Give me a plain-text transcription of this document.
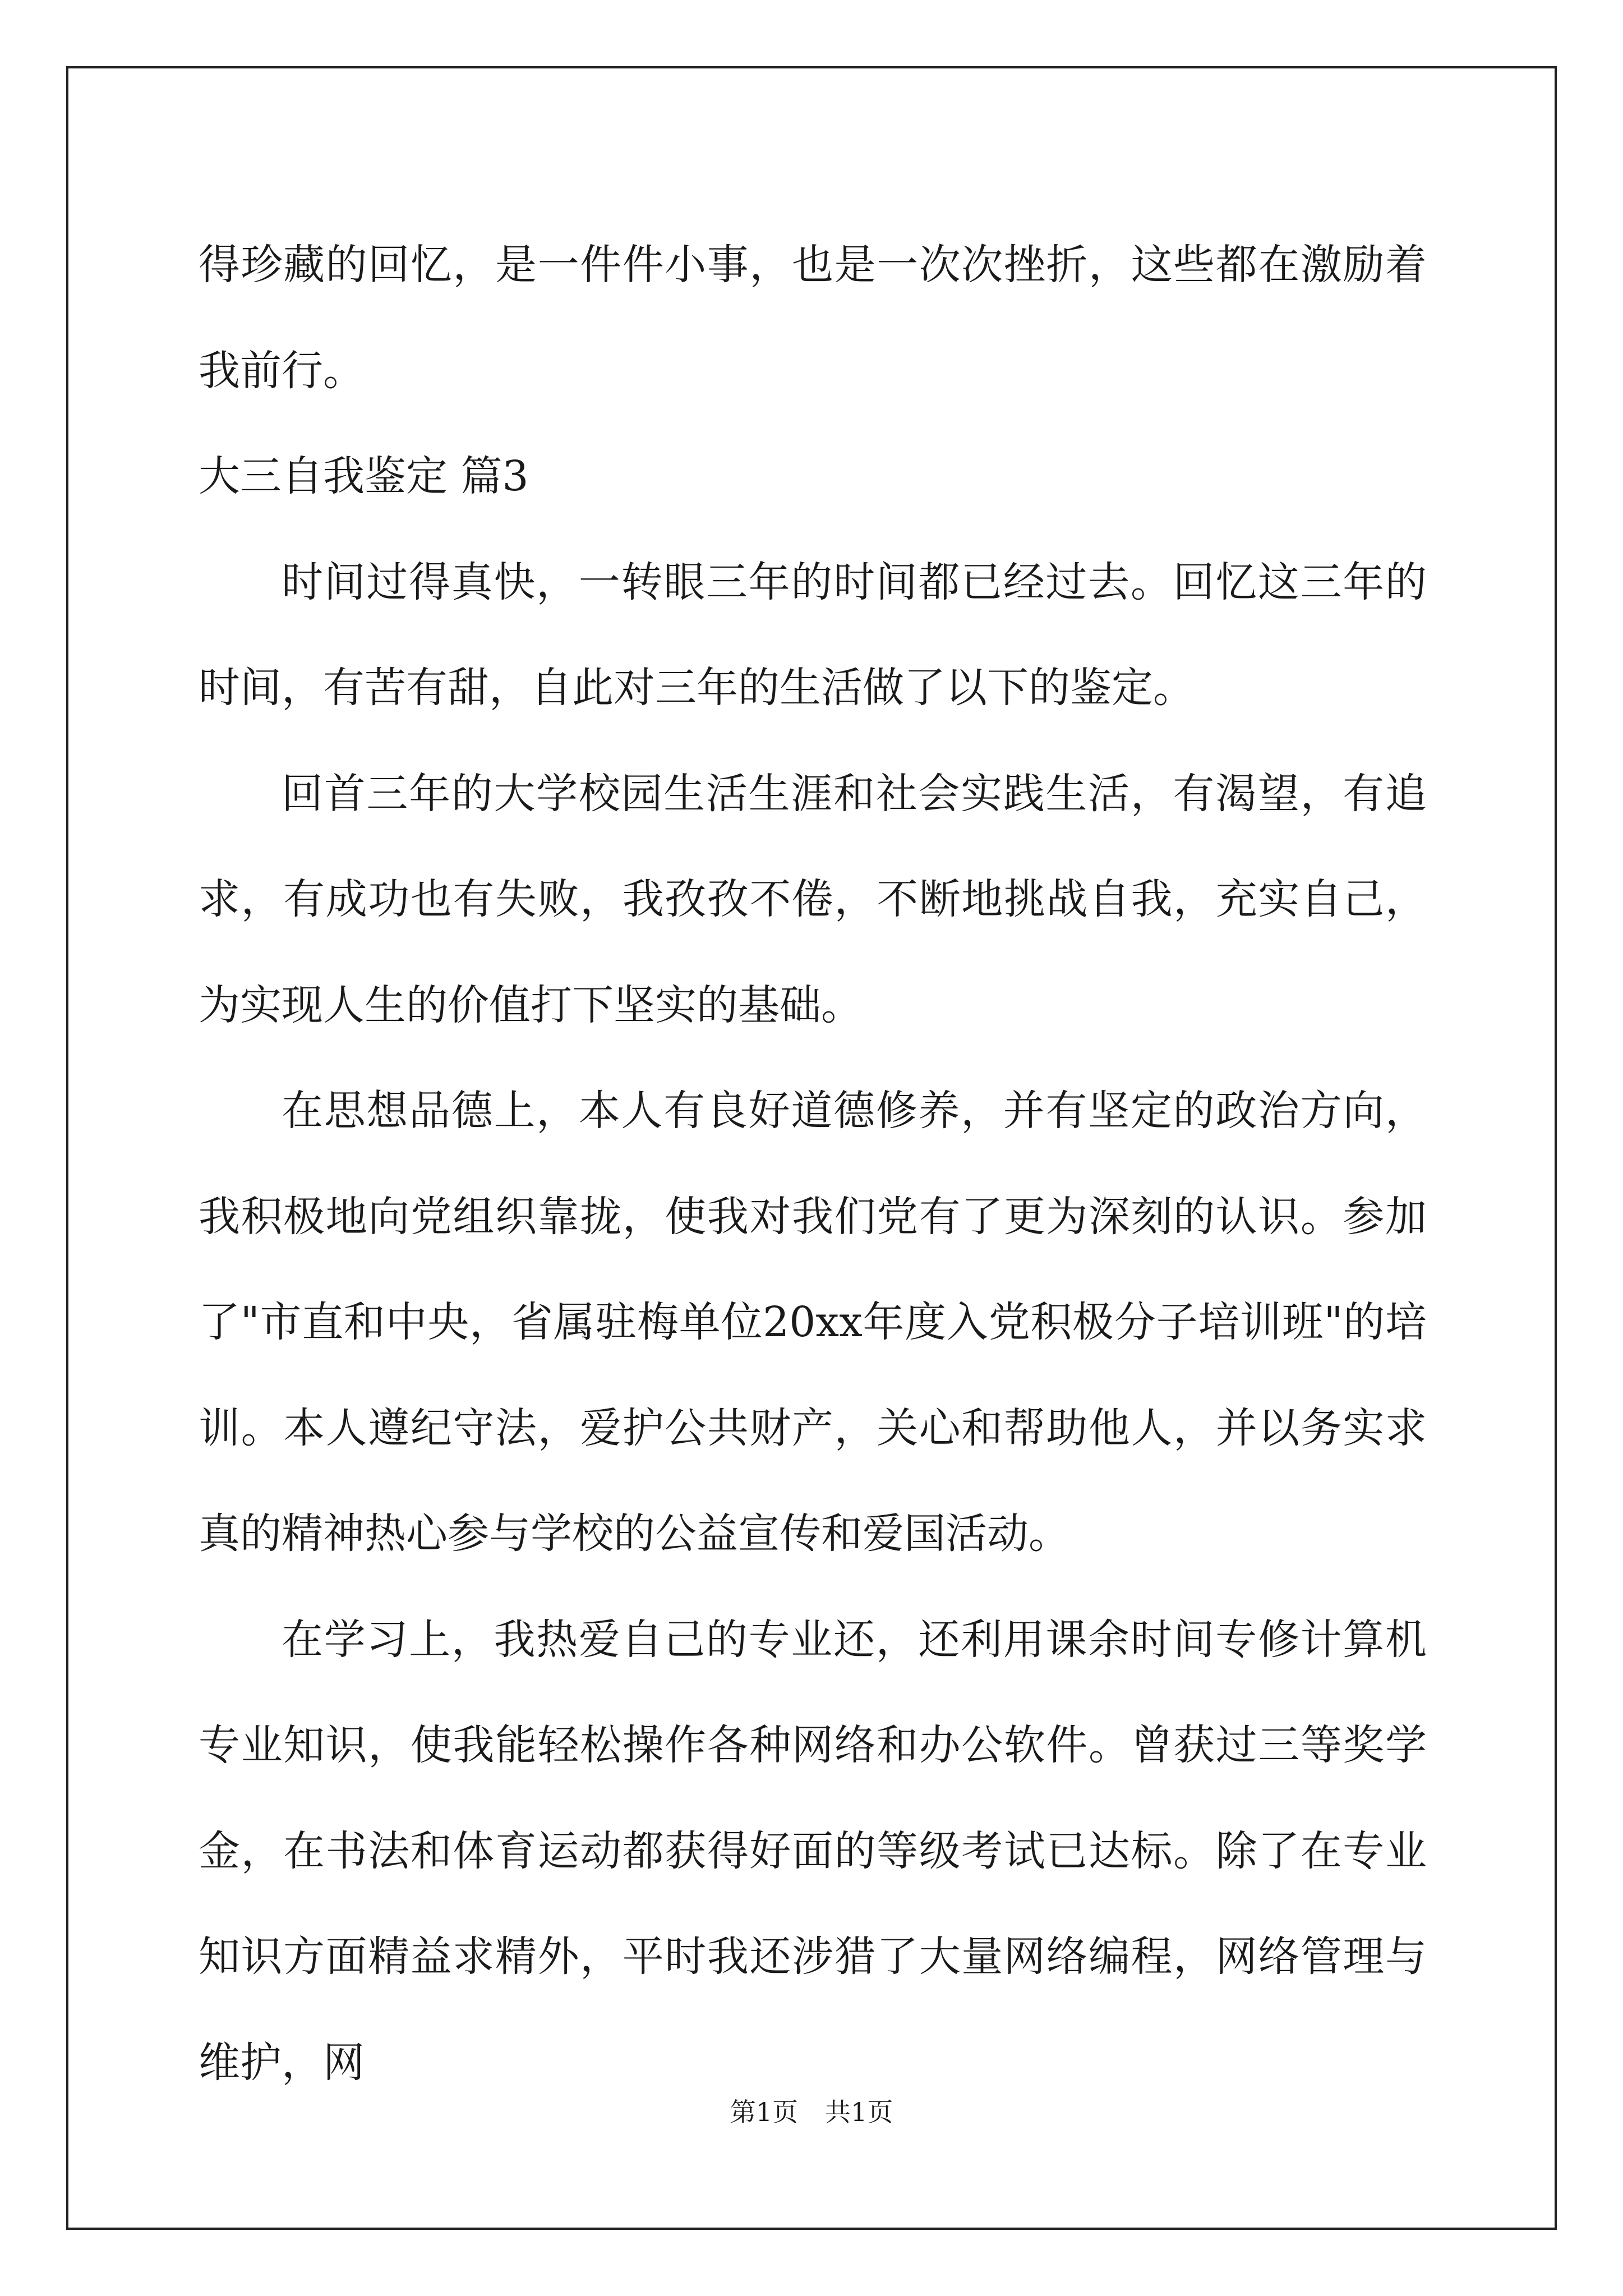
得珍藏的回忆，是一件件小事，也是一次次挫折，这些都在激励着我前行。

大三自我鉴定 篇3

时间过得真快，一转眼三年的时间都已经过去。回忆这三年的时间，有苦有甜，自此对三年的生活做了以下的鉴定。

回首三年的大学校园生活生涯和社会实践生活，有渴望，有追求，有成功也有失败，我孜孜不倦，不断地挑战自我，充实自己，为实现人生的价值打下坚实的基础。

在思想品德上，本人有良好道德修养，并有坚定的政治方向，我积极地向党组织靠拢，使我对我们党有了更为深刻的认识。参加了"市直和中央，省属驻梅单位20xx年度入党积极分子培训班"的培训。本人遵纪守法，爱护公共财产，关心和帮助他人，并以务实求真的精神热心参与学校的公益宣传和爱国活动。

在学习上，我热爱自己的专业还，还利用课余时间专修计算机专业知识，使我能轻松操作各种网络和办公软件。曾获过三等奖学金，在书法和体育运动都获得好面的等级考试已达标。除了在专业知识方面精益求精外，平时我还涉猎了大量网络编程，网络管理与维护，网

第1页 共1页
